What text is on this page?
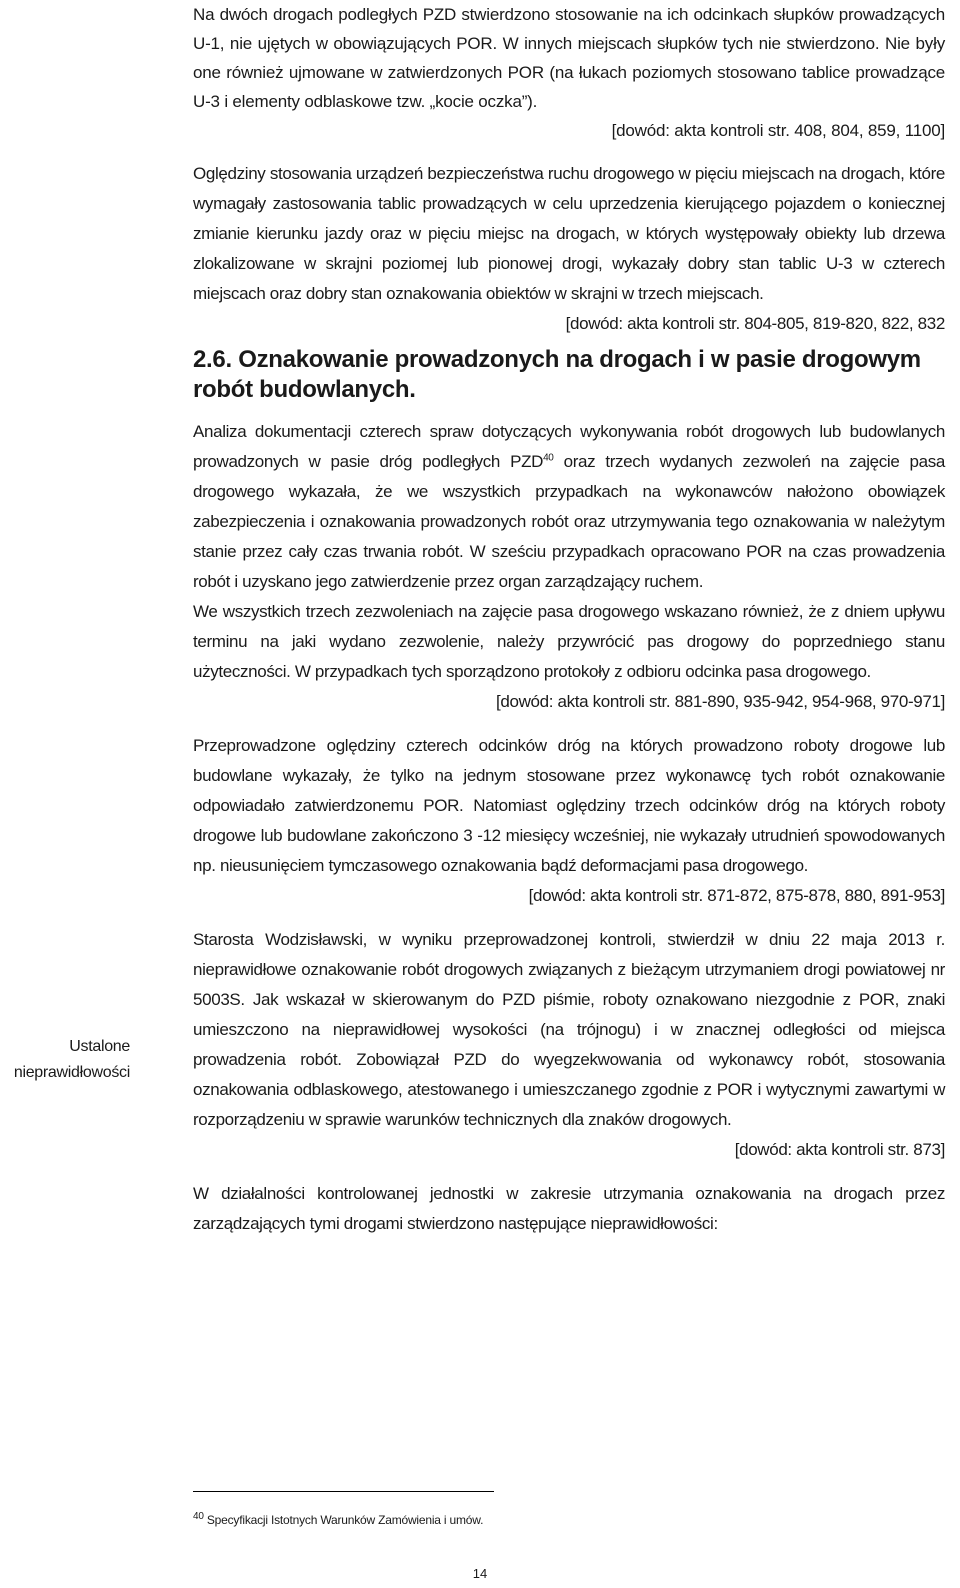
Na dwóch drogach podległych PZD stwierdzono stosowanie na ich odcinkach słupków prowadzących U-1, nie ujętych w obowiązujących POR. W innych miejscach słupków tych nie stwierdzono. Nie były one również ujmowane w zatwierdzonych POR (na łukach poziomych stosowano tablice prowadzące U-3 i elementy odblaskowe tzw. „kocie oczka”).

[dowód: akta kontroli str. 408, 804, 859, 1100]

Oględziny stosowania urządzeń bezpieczeństwa ruchu drogowego w pięciu miejscach na drogach, które wymagały zastosowania tablic prowadzących w celu uprzedzenia kierującego pojazdem o koniecznej zmianie kierunku jazdy oraz w pięciu miejsc na drogach, w których występowały obiekty lub drzewa zlokalizowane w skrajni poziomej lub pionowej drogi, wykazały dobry stan tablic U-3 w czterech miejscach oraz dobry stan oznakowania obiektów w skrajni w trzech miejscach.

[dowód: akta kontroli str. 804-805, 819-820, 822, 832

2.6. Oznakowanie prowadzonych na drogach i w pasie drogowym robót budowlanych.

Analiza dokumentacji czterech spraw dotyczących wykonywania robót drogowych lub budowlanych prowadzonych w pasie dróg podległych PZD$^{40}$ oraz trzech wydanych zezwoleń na zajęcie pasa drogowego wykazała, że we wszystkich przypadkach na wykonawców nałożono obowiązek zabezpieczenia i oznakowania prowadzonych robót oraz utrzymywania tego oznakowania w należytym stanie przez cały czas trwania robót. W sześciu przypadkach opracowano POR na czas prowadzenia robót i uzyskano jego zatwierdzenie przez organ zarządzający ruchem.

We wszystkich trzech zezwoleniach na zajęcie pasa drogowego wskazano również, że z dniem upływu terminu na jaki wydano zezwolenie, należy przywrócić pas drogowy do poprzedniego stanu użyteczności. W przypadkach tych sporządzono protokoły z odbioru odcinka pasa drogowego.

[dowód: akta kontroli str. 881-890, 935-942, 954-968, 970-971]

Przeprowadzone oględziny czterech odcinków dróg na których prowadzono roboty drogowe lub budowlane wykazały, że tylko na jednym stosowane przez wykonawcę tych robót oznakowanie odpowiadało zatwierdzonemu POR. Natomiast oględziny trzech odcinków dróg na których roboty drogowe lub budowlane zakończono 3 -12 miesięcy wcześniej, nie wykazały utrudnień spowodowanych np. nieusunięciem tymczasowego oznakowania bądź deformacjami pasa drogowego.

[dowód: akta kontroli str. 871-872, 875-878, 880, 891-953]

Starosta Wodzisławski, w wyniku przeprowadzonej kontroli, stwierdził w dniu 22 maja 2013 r. nieprawidłowe oznakowanie robót drogowych związanych z bieżącym utrzymaniem drogi powiatowej nr 5003S. Jak wskazał w skierowanym do PZD piśmie, roboty oznakowano niezgodnie z POR, znaki umieszczono na nieprawidłowej wysokości (na trójnogu) i w znacznej odległości od miejsca prowadzenia robót. Zobowiązał PZD do wyegzekwowania od wykonawcy robót, stosowania oznakowania odblaskowego, atestowanego i umieszczanego zgodnie z POR i wytycznymi zawartymi w rozporządzeniu w sprawie warunków technicznych dla znaków drogowych.

[dowód: akta kontroli str. 873]

W działalności kontrolowanej jednostki w zakresie utrzymania oznakowania na drogach przez zarządzających tymi drogami stwierdzono następujące nieprawidłowości:

Ustalone
nieprawidłowości
$^{40}$ Specyfikacji Istotnych Warunków Zamówienia i umów.
14
